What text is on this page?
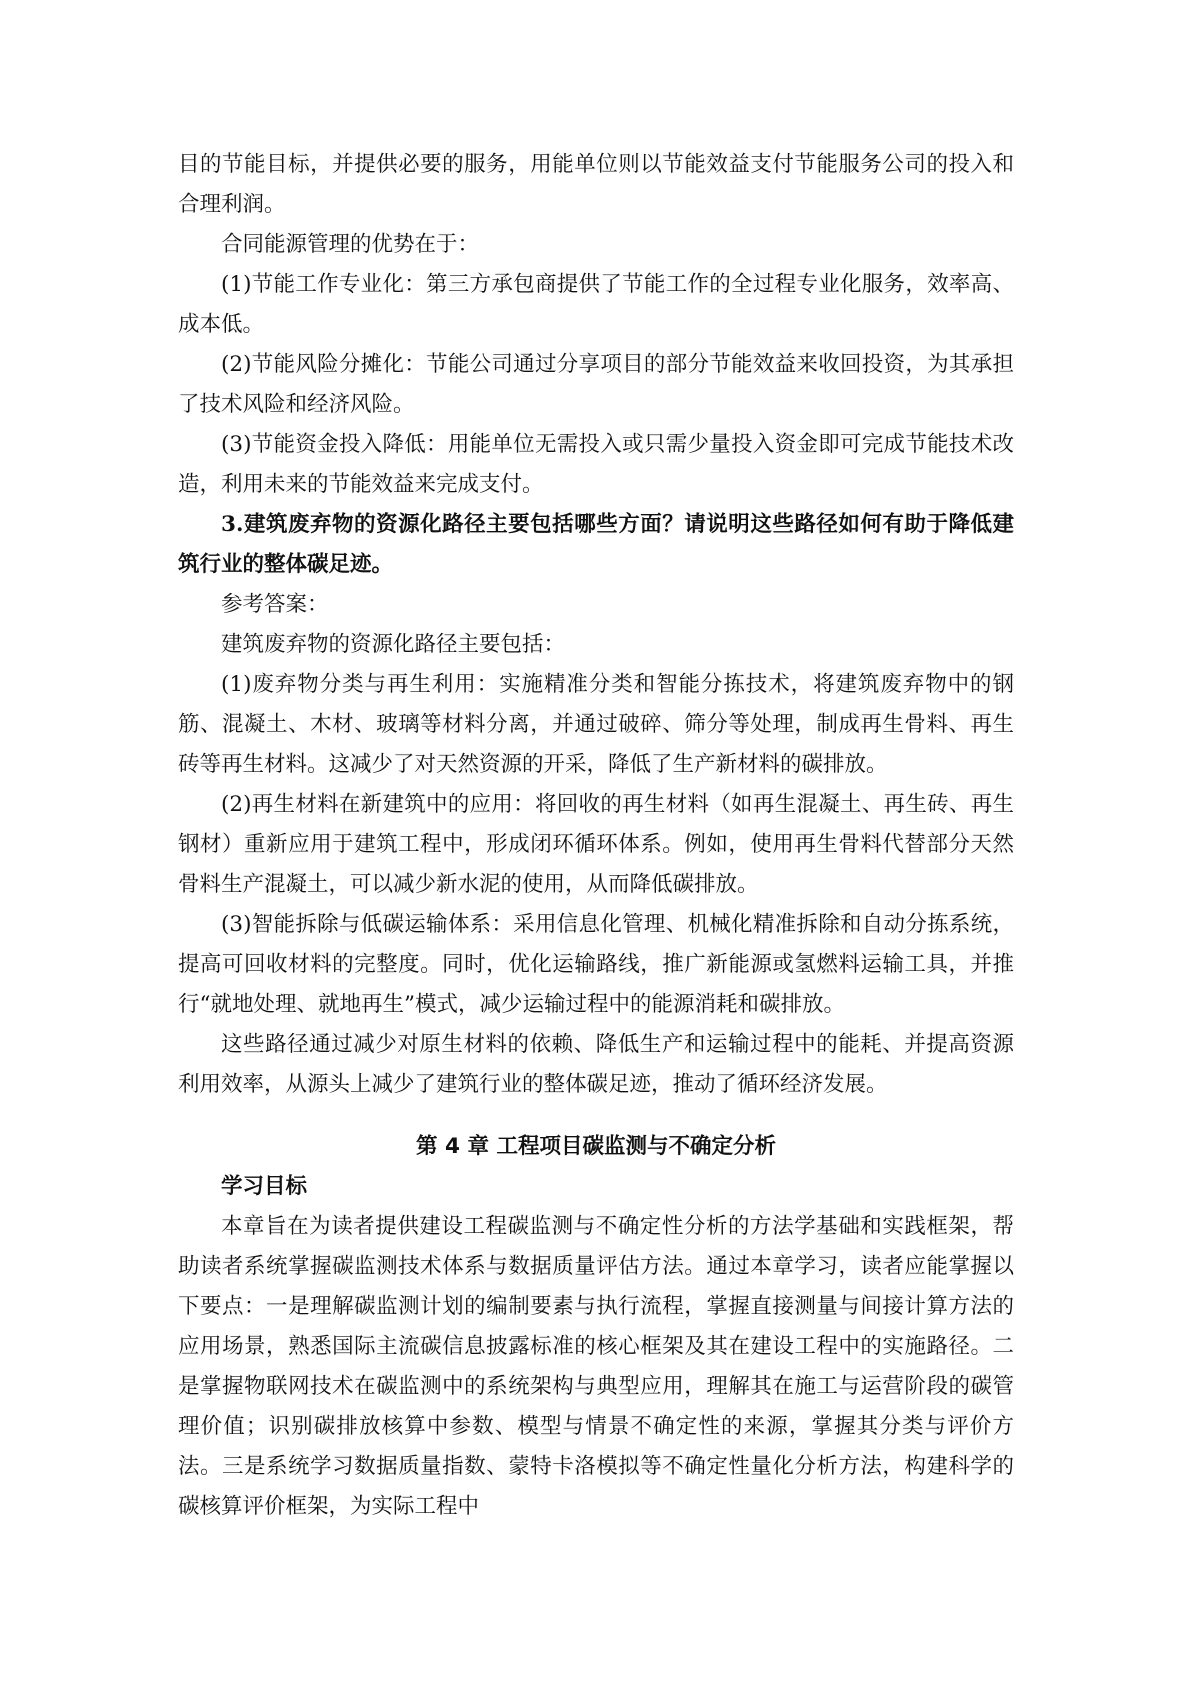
目的节能目标，并提供必要的服务，用能单位则以节能效益支付节能服务公司的投入和合理利润。

合同能源管理的优势在于：

(1)节能工作专业化：第三方承包商提供了节能工作的全过程专业化服务，效率高、成本低。

(2)节能风险分摊化：节能公司通过分享项目的部分节能效益来收回投资，为其承担了技术风险和经济风险。

(3)节能资金投入降低：用能单位无需投入或只需少量投入资金即可完成节能技术改造，利用未来的节能效益来完成支付。

3.建筑废弃物的资源化路径主要包括哪些方面？请说明这些路径如何有助于降低建筑行业的整体碳足迹。

参考答案：

建筑废弃物的资源化路径主要包括：

(1)废弃物分类与再生利用：实施精准分类和智能分拣技术，将建筑废弃物中的钢筋、混凝土、木材、玻璃等材料分离，并通过破碎、筛分等处理，制成再生骨料、再生砖等再生材料。这减少了对天然资源的开采，降低了生产新材料的碳排放。

(2)再生材料在新建筑中的应用：将回收的再生材料（如再生混凝土、再生砖、再生钢材）重新应用于建筑工程中，形成闭环循环体系。例如，使用再生骨料代替部分天然骨料生产混凝土，可以减少新水泥的使用，从而降低碳排放。

(3)智能拆除与低碳运输体系：采用信息化管理、机械化精准拆除和自动分拣系统，提高可回收材料的完整度。同时，优化运输路线，推广新能源或氢燃料运输工具，并推行“就地处理、就地再生”模式，减少运输过程中的能源消耗和碳排放。

这些路径通过减少对原生材料的依赖、降低生产和运输过程中的能耗、并提高资源利用效率，从源头上减少了建筑行业的整体碳足迹，推动了循环经济发展。

第 4 章 工程项目碳监测与不确定分析

学习目标

本章旨在为读者提供建设工程碳监测与不确定性分析的方法学基础和实践框架，帮助读者系统掌握碳监测技术体系与数据质量评估方法。通过本章学习，读者应能掌握以下要点：一是理解碳监测计划的编制要素与执行流程，掌握直接测量与间接计算方法的应用场景，熟悉国际主流碳信息披露标准的核心框架及其在建设工程中的实施路径。二是掌握物联网技术在碳监测中的系统架构与典型应用，理解其在施工与运营阶段的碳管理价值；识别碳排放核算中参数、模型与情景不确定性的来源，掌握其分类与评价方法。三是系统学习数据质量指数、蒙特卡洛模拟等不确定性量化分析方法，构建科学的碳核算评价框架，为实际工程中
